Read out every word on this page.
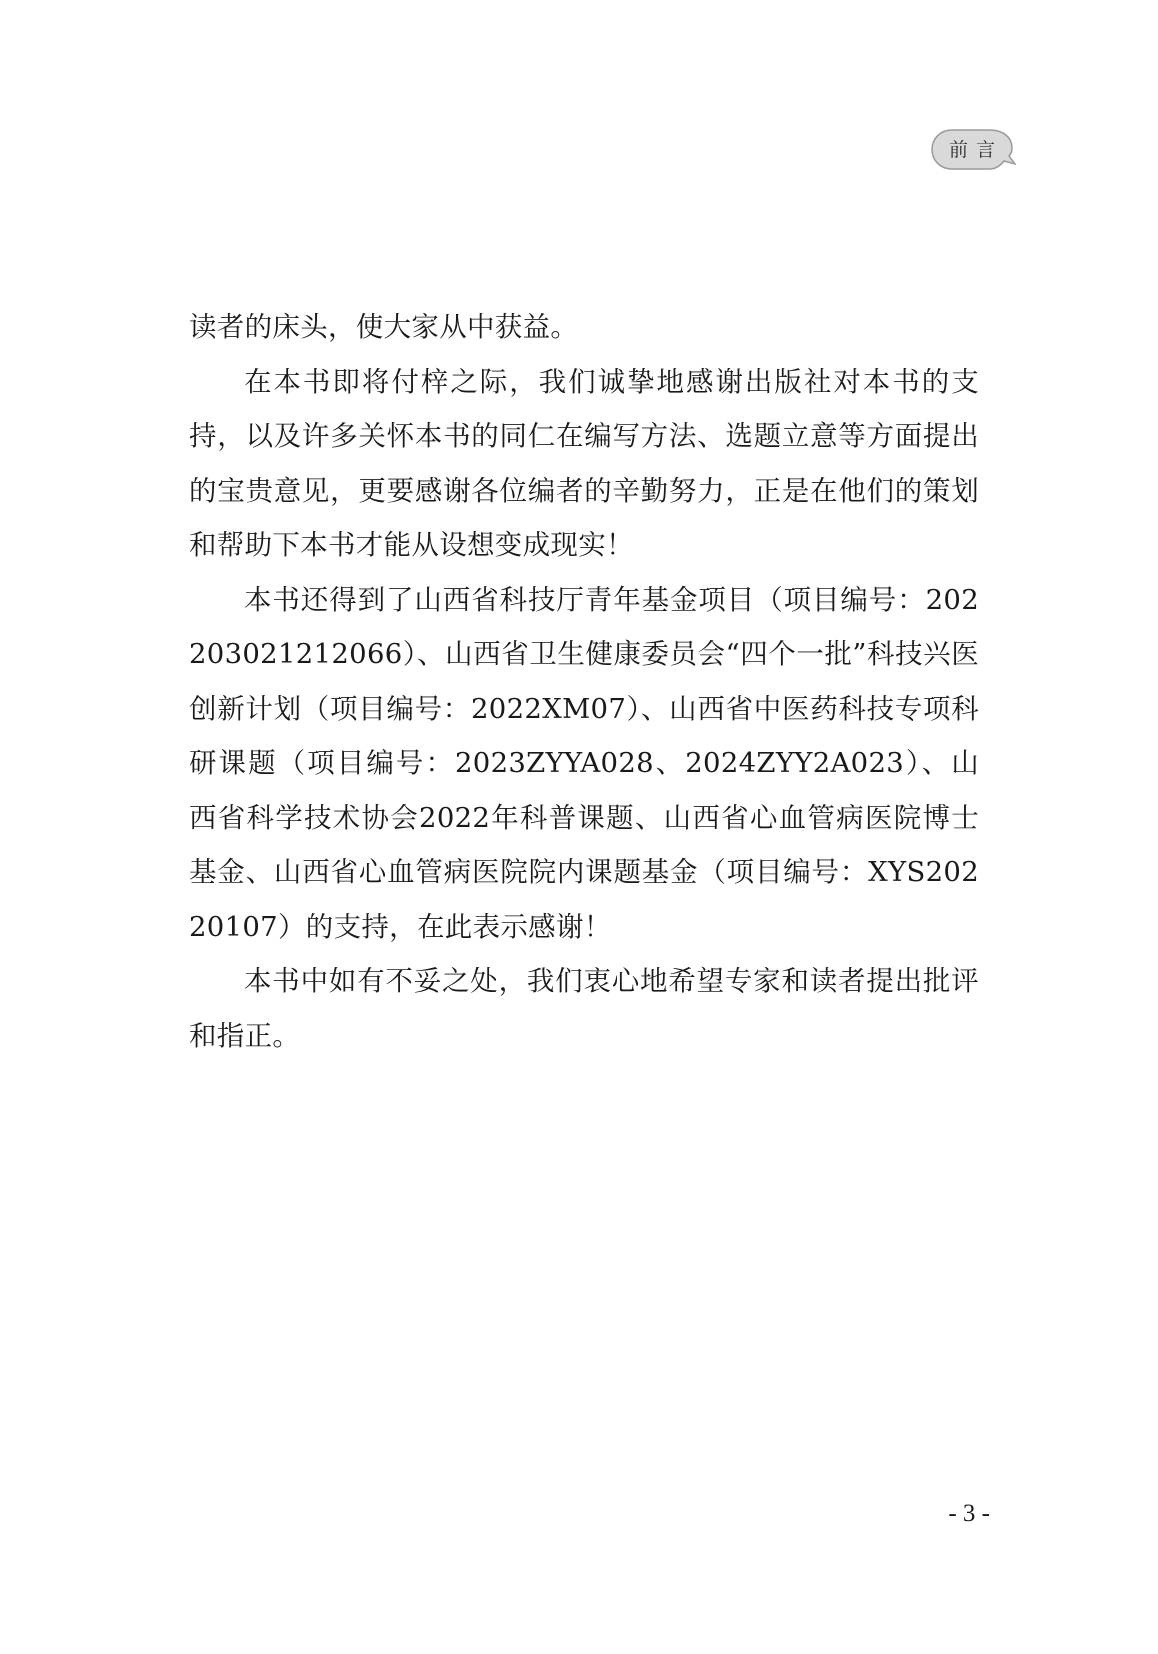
前言

读者的床头，使大家从中获益。

在本书即将付梓之际，我们诚挚地感谢出版社对本书的支持，以及许多关怀本书的同仁在编写方法、选题立意等方面提出的宝贵意见，更要感谢各位编者的辛勤努力，正是在他们的策划和帮助下本书才能从设想变成现实！

本书还得到了山西省科技厅青年基金项目（项目编号：202203021212066）、山西省卫生健康委员会“四个一批”科技兴医创新计划（项目编号：2022XM07）、山西省中医药科技专项科研课题（项目编号：2023ZYYA028、2024ZYY2A023）、山西省科学技术协会2022年科普课题、山西省心血管病医院博士基金、山西省心血管病医院院内课题基金（项目编号：XYS20220107）的支持，在此表示感谢！

本书中如有不妥之处，我们衷心地希望专家和读者提出批评和指正。

- 3 -
